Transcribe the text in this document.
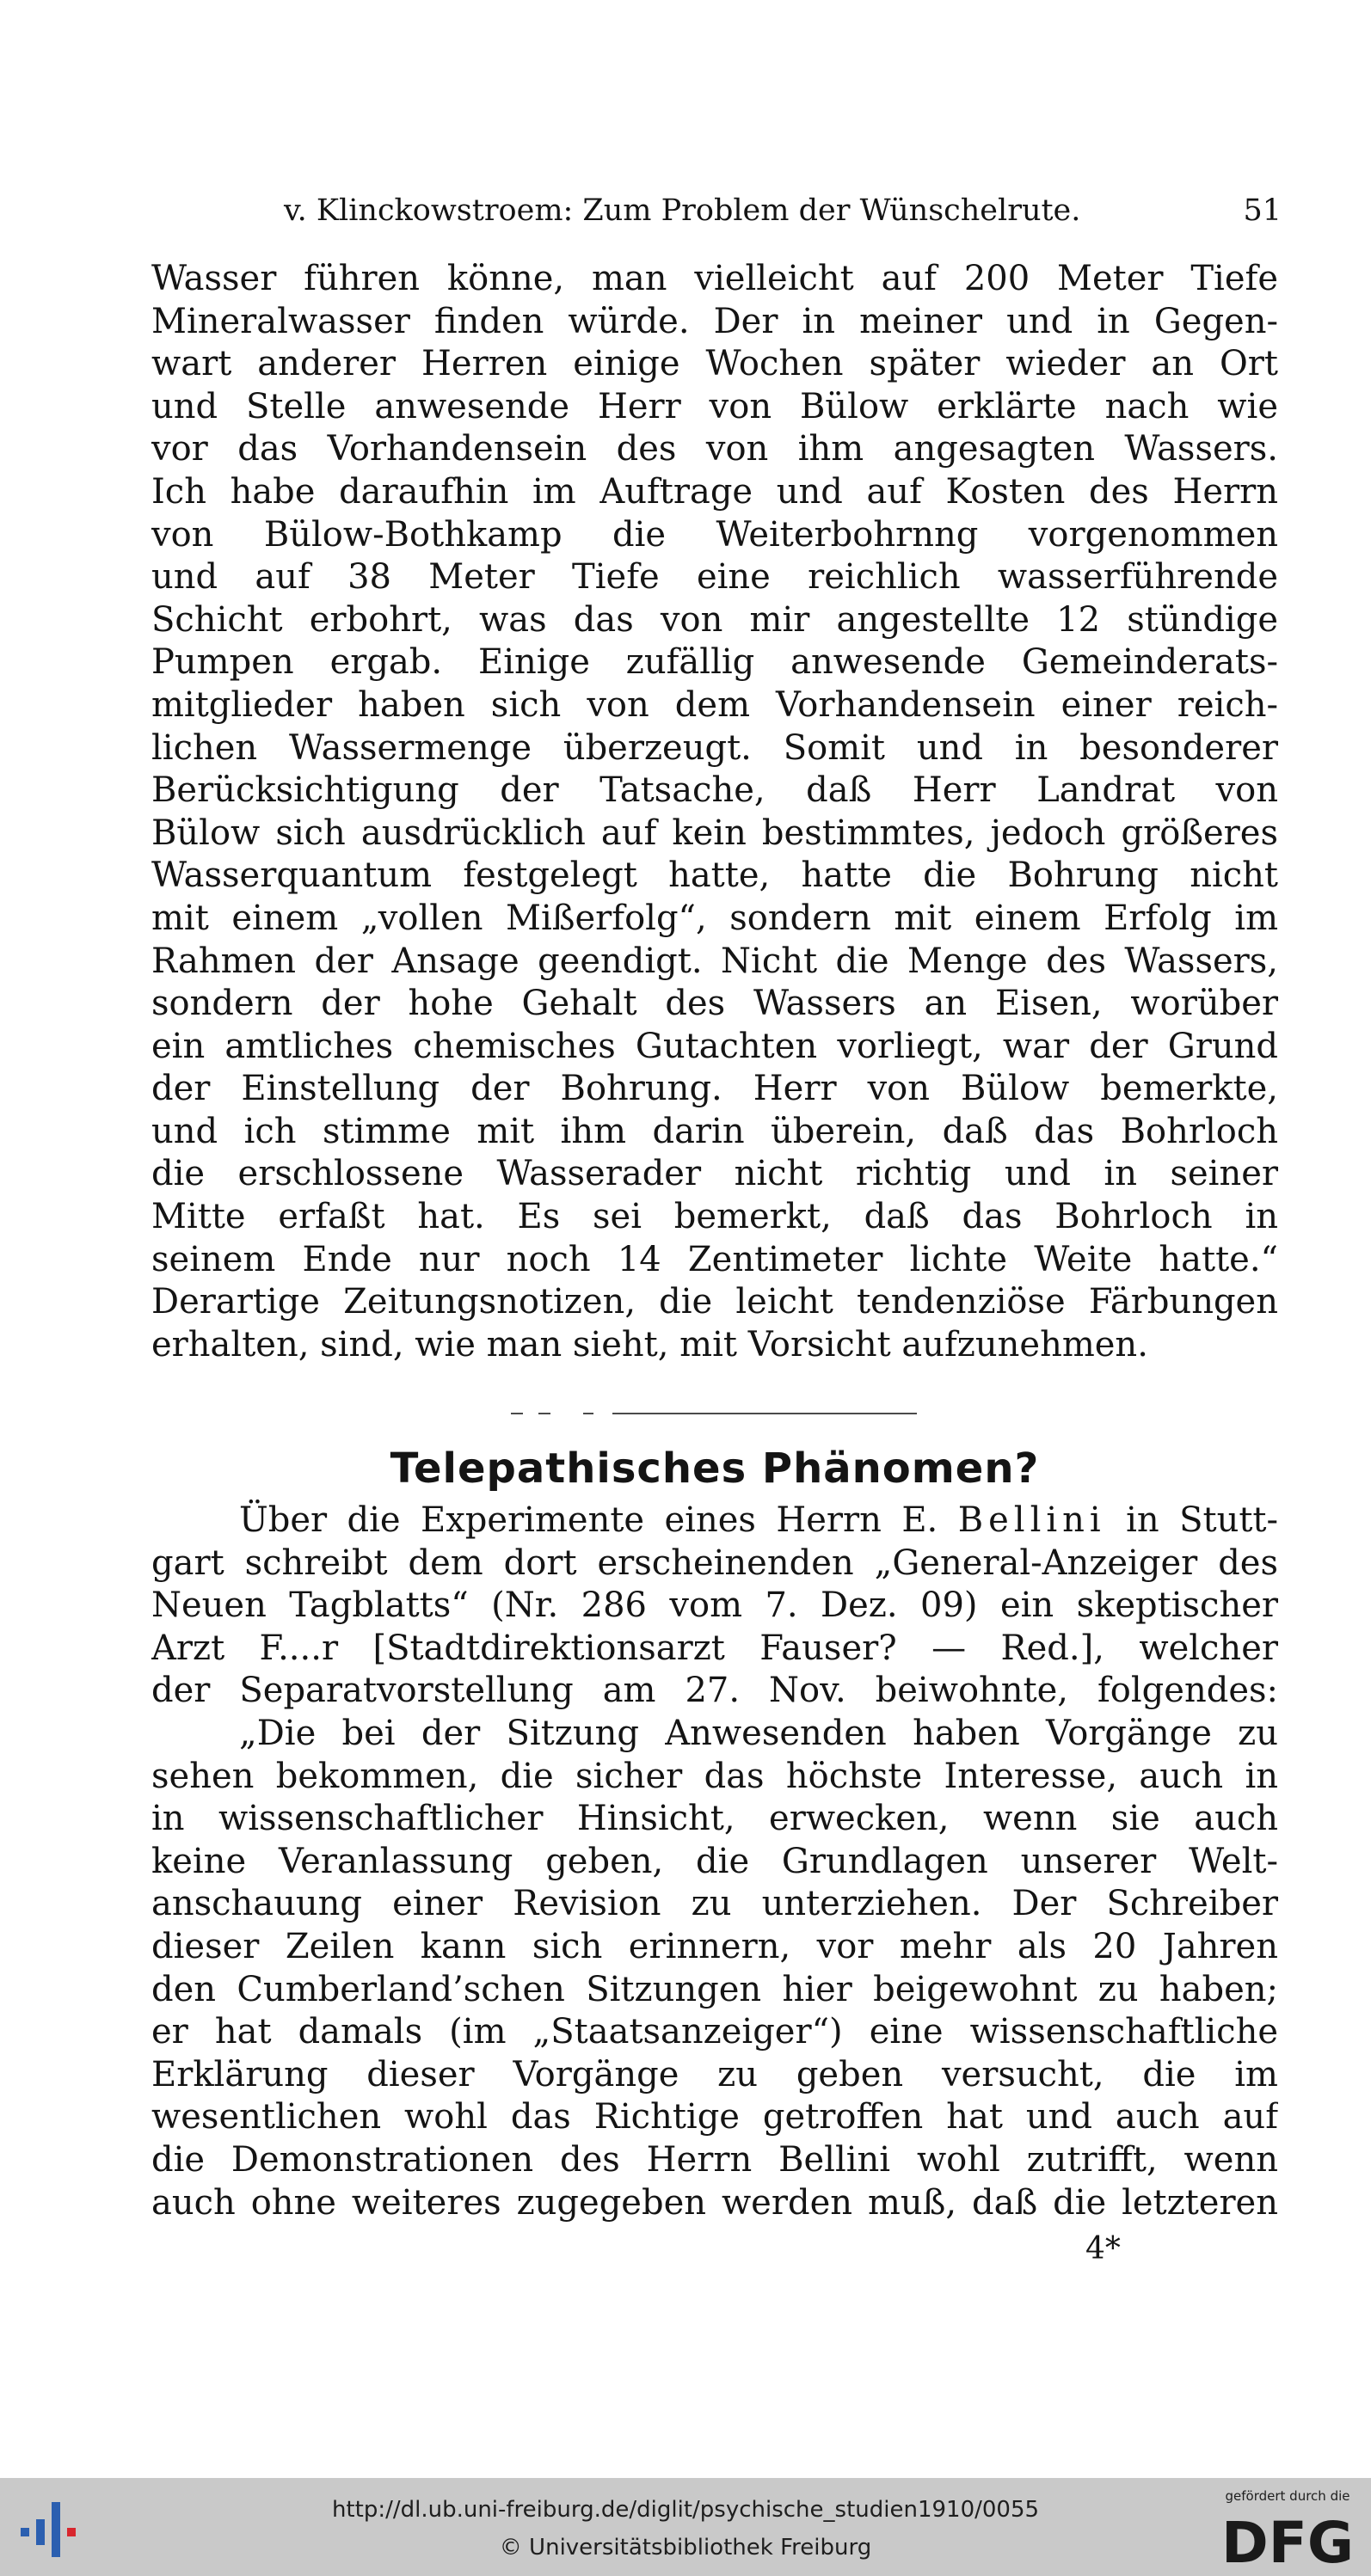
v. Klinckowstroem: Zum Problem der Wünschelrute.	51
Wasser führen könne, man vielleicht auf 200 Meter Tiefe
Mineralwasser finden würde. Der in meiner und in Gegen-
wart anderer Herren einige Wochen später wieder an Ort
und Stelle anwesende Herr von Bülow erklärte nach wie
vor das Vorhandensein des von ihm angesagten Wassers.
Ich habe daraufhin im Auftrage und auf Kosten des Herrn
von Bülow-Bothkamp die Weiterbohrnng vorgenommen
und auf 38 Meter Tiefe eine reichlich wasserführende
Schicht erbohrt, was das von mir angestellte 12 stündige
Pumpen ergab. Einige zufällig anwesende Gemeinderats-
mitglieder haben sich von dem Vorhandensein einer reich-
lichen Wassermenge überzeugt. Somit und in besonderer
Berücksichtigung der Tatsache, daß Herr Landrat von
Bülow sich ausdrücklich auf kein bestimmtes, jedoch größeres
Wasserquantum festgelegt hatte, hatte die Bohrung nicht
mit einem „vollen Mißerfolg“, sondern mit einem Erfolg im
Rahmen der Ansage geendigt. Nicht die Menge des Wassers,
sondern der hohe Gehalt des Wassers an Eisen, worüber
ein amtliches chemisches Gutachten vorliegt, war der Grund
der Einstellung der Bohrung. Herr von Bülow bemerkte,
und ich stimme mit ihm darin überein, daß das Bohrloch
die erschlossene Wasserader nicht richtig und in seiner
Mitte erfaßt hat. Es sei bemerkt, daß das Bohrloch in
seinem Ende nur noch 14 Zentimeter lichte Weite hatte.“
Derartige Zeitungsnotizen, die leicht tendenziöse Färbungen
erhalten, sind, wie man sieht, mit Vorsicht aufzunehmen.
Telepathisches Phänomen?
Über die Experimente eines Herrn E. Bellini in Stutt-
gart schreibt dem dort erscheinenden „General-Anzeiger des
Neuen Tagblatts“ (Nr. 286 vom 7. Dez. 09) ein skeptischer
Arzt F....r [Stadtdirektionsarzt Fauser? — Red.], welcher
der Separatvorstellung am 27. Nov. beiwohnte, folgendes:
„Die bei der Sitzung Anwesenden haben Vorgänge zu
sehen bekommen, die sicher das höchste Interesse, auch in
in wissenschaftlicher Hinsicht, erwecken, wenn sie auch
keine Veranlassung geben, die Grundlagen unserer Welt-
anschauung einer Revision zu unterziehen. Der Schreiber
dieser Zeilen kann sich erinnern, vor mehr als 20 Jahren
den Cumberland’schen Sitzungen hier beigewohnt zu haben;
er hat damals (im „Staatsanzeiger“) eine wissenschaftliche
Erklärung dieser Vorgänge zu geben versucht, die im
wesentlichen wohl das Richtige getroffen hat und auch auf
die Demonstrationen des Herrn Bellini wohl zutrifft, wenn
auch ohne weiteres zugegeben werden muß, daß die letzteren
4*
http://dl.ub.uni-freiburg.de/diglit/psychische_studien1910/0055
© Universitätsbibliothek Freiburg
gefördert durch die
DFG
